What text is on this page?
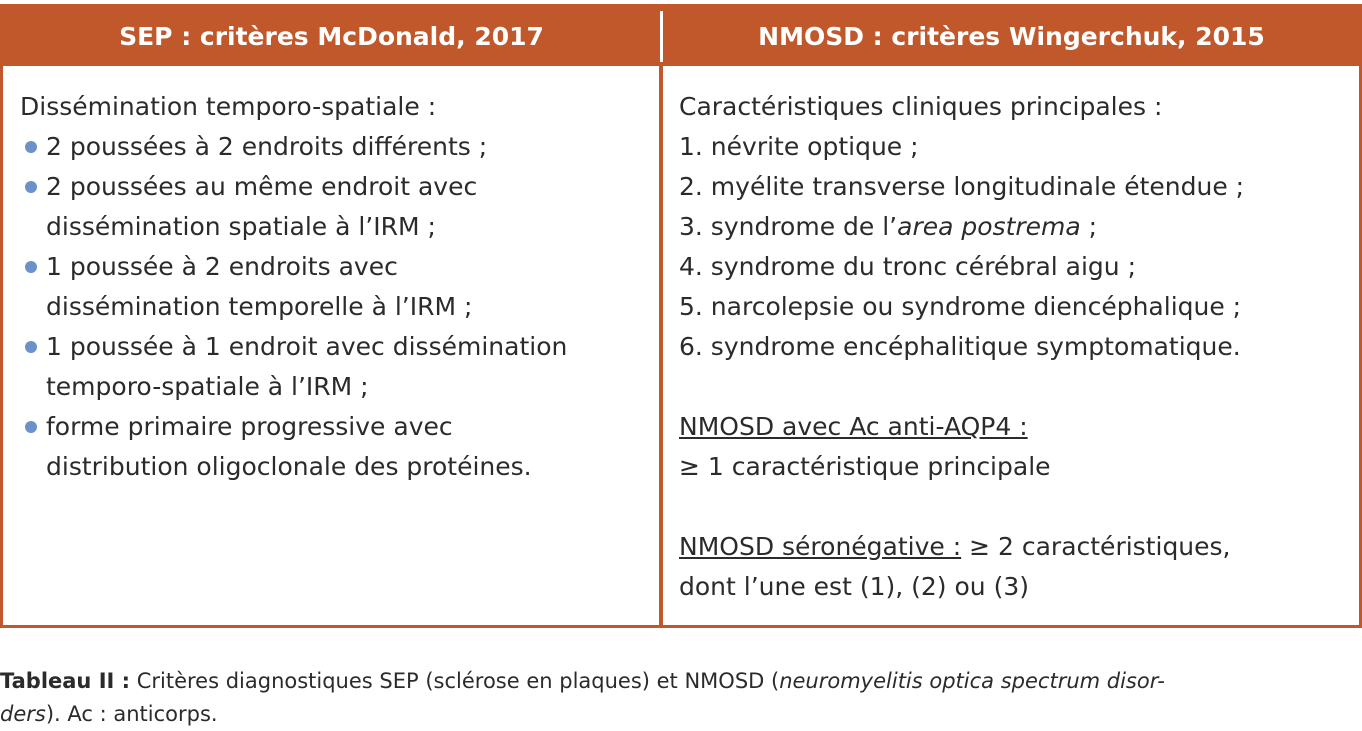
SEP : critères McDonald, 2017	NMOSD : critères Wingerchuk, 2015
Dissémination temporo-spatiale :
2 poussées à 2 endroits différents ;
2 poussées au même endroit avec
dissémination spatiale à l’IRM ;
1 poussée à 2 endroits avec
dissémination temporelle à l’IRM ;
1 poussée à 1 endroit avec dissémination
temporo-spatiale à l’IRM ;
forme primaire progressive avec
distribution oligoclonale des protéines.
Caractéristiques cliniques principales :
1. névrite optique ;
2. myélite transverse longitudinale étendue ;
3. syndrome de l’area postrema ;
4. syndrome du tronc cérébral aigu ;
5. narcolepsie ou syndrome diencéphalique ;
6. syndrome encéphalitique symptomatique.
NMOSD avec Ac anti-AQP4 :
≥ 1 caractéristique principale
NMOSD séronégative : ≥ 2 caractéristiques,
dont l’une est (1), (2) ou (3)
Tableau II : Critères diagnostiques SEP (sclérose en plaques) et NMOSD (neuromyelitis optica spectrum disor-
ders). Ac : anticorps.
